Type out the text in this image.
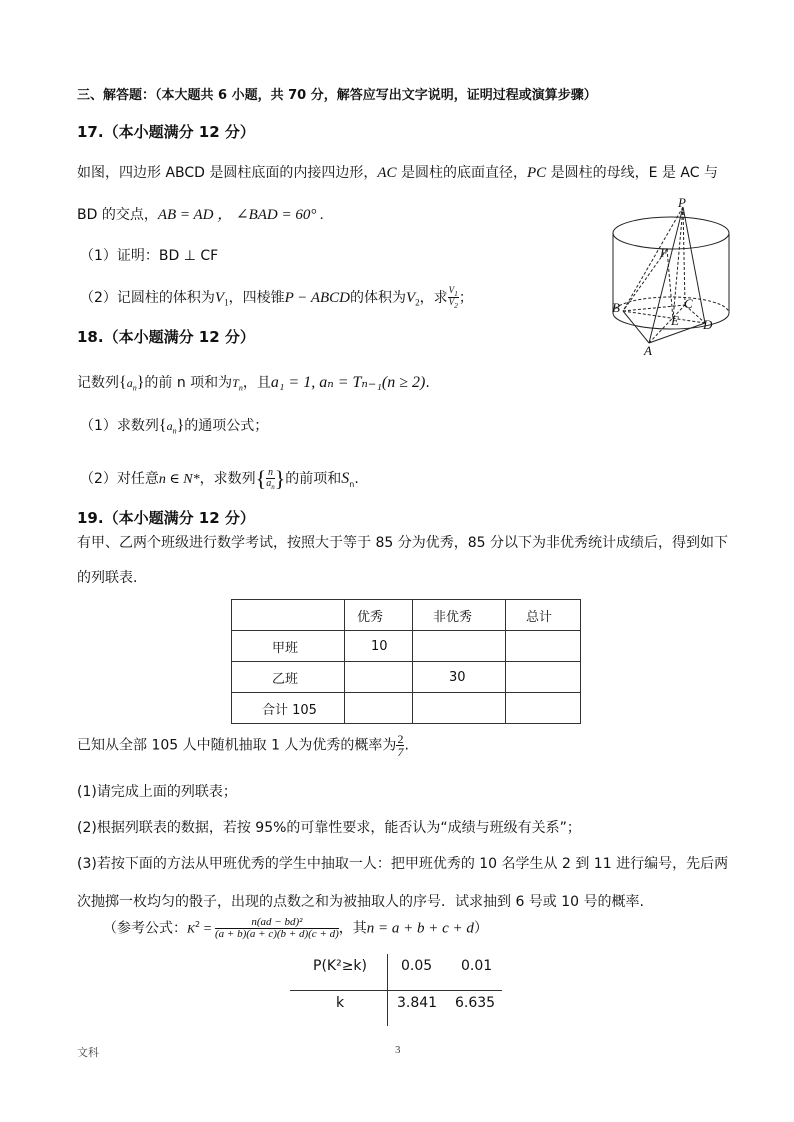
三、解答题：（本大题共 6 小题，共 70 分，解答应写出文字说明，证明过程或演算步骤）
17.（本小题满分 12 分）
如图，四边形 ABCD 是圆柱底面的内接四边形，AC 是圆柱的底面直径，PC 是圆柱的母线，E 是 AC 与
BD 的交点，AB = AD ， ∠BAD = 60° .
（1）证明：BD ⊥ CF
（2）记圆柱的体积为$V_1$，四棱锥P − ABCD的体积为$V_2$，求 $\frac{V_1}{V_2}$ ；
P
F
B	C
E D
A
18.（本小题满分 12 分）
记数列$\{a_n\}$的前 n 项和为$T_n$，且a₁ = 1, aₙ = Tₙ₋₁(n ≥ 2).
（1）求数列$\{a_n\}$的通项公式；
（2）对任意n ∈ N*，求数列{ $\frac{n}{a_n}$ }的前项和$S_n$.
19.（本小题满分 12 分）
有甲、乙两个班级进行数学考试，按照大于等于 85 分为优秀，85 分以下为非优秀统计成绩后，得到如下
的列联表.
	优秀	非优秀	总计
甲班	10		
乙班		30	
合计 105			
已知从全部 105 人中随机抽取 1 人为优秀的概率为 $\frac{2}{7}$ .
(1)请完成上面的列联表；
(2)根据列联表的数据，若按 95%的可靠性要求，能否认为“成绩与班级有关系”；
(3)若按下面的方法从甲班优秀的学生中抽取一人：把甲班优秀的 10 名学生从 2 到 11 进行编号，先后两
次抛掷一枚均匀的骰子，出现的点数之和为被抽取人的序号．试求抽到 6 号或 10 号的概率.
（参考公式：$K^2 = \frac{\text{n(ad − bd)²}}{(a + b)(a + c)(b + d)(c + d)}$ ，其n = a + b + c + d）
P(K²≥k) 0.05 0.01
k	3.841 6.635
文科	3
